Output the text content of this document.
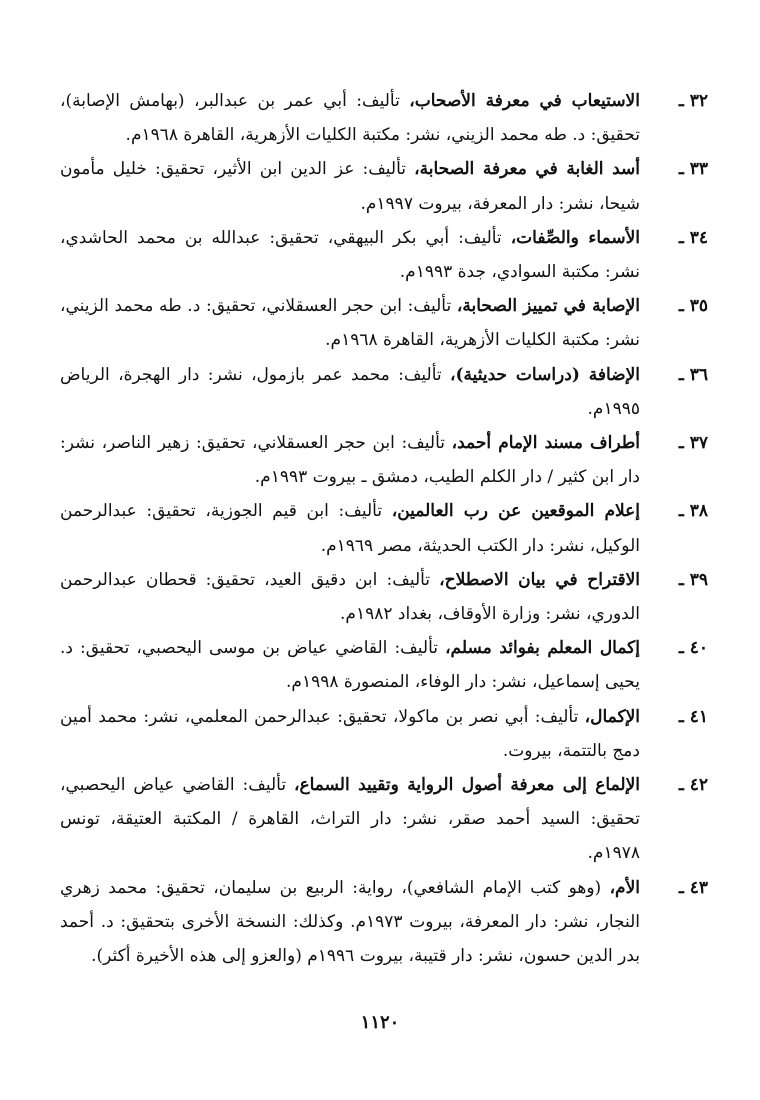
٣٢ ـ
الاستيعاب في معرفة الأصحاب، تأليف: أبي عمر بن عبدالبر، (بهامش الإصابة)، تحقيق: د. طه محمد الزيني، نشر: مكتبة الكليات الأزهرية، القاهرة ١٩٦٨م.
٣٣ ـ
أسد الغابة في معرفة الصحابة، تأليف: عز الدين ابن الأثير، تحقيق: خليل مأمون شيحا، نشر: دار المعرفة، بيروت ١٩٩٧م.
٣٤ ـ
الأسماء والصِّفات، تأليف: أبي بكر البيهقي، تحقيق: عبدالله بن محمد الحاشدي، نشر: مكتبة السوادي، جدة ١٩٩٣م.
٣٥ ـ
الإصابة في تمييز الصحابة، تأليف: ابن حجر العسقلاني، تحقيق: د. طه محمد الزيني، نشر: مكتبة الكليات الأزهرية، القاهرة ١٩٦٨م.
٣٦ ـ
الإضافة (دراسات حديثية)، تأليف: محمد عمر بازمول، نشر: دار الهجرة، الرياض ١٩٩٥م.
٣٧ ـ
أطراف مسند الإمام أحمد، تأليف: ابن حجر العسقلاني، تحقيق: زهير الناصر، نشر: دار ابن كثير / دار الكلم الطيب، دمشق ـ بيروت ١٩٩٣م.
٣٨ ـ
إعلام الموقعين عن رب العالمين، تأليف: ابن قيم الجوزية، تحقيق: عبدالرحمن الوكيل، نشر: دار الكتب الحديثة، مصر ١٩٦٩م.
٣٩ ـ
الاقتراح في بيان الاصطلاح، تأليف: ابن دقيق العيد، تحقيق: قحطان عبدالرحمن الدوري، نشر: وزارة الأوقاف، بغداد ١٩٨٢م.
٤٠ ـ
إكمال المعلم بفوائد مسلم، تأليف: القاضي عياض بن موسى اليحصبي، تحقيق: د. يحيى إسماعيل، نشر: دار الوفاء، المنصورة ١٩٩٨م.
٤١ ـ
الإكمال، تأليف: أبي نصر بن ماكولا، تحقيق: عبدالرحمن المعلمي، نشر: محمد أمين دمج بالتتمة، بيروت.
٤٢ ـ
الإلماع إلى معرفة أصول الرواية وتقييد السماع، تأليف: القاضي عياض اليحصبي، تحقيق: السيد أحمد صقر، نشر: دار التراث، القاهرة / المكتبة العتيقة، تونس ١٩٧٨م.
٤٣ ـ
الأم، (وهو كتب الإمام الشافعي)، رواية: الربيع بن سليمان، تحقيق: محمد زهري النجار، نشر: دار المعرفة، بيروت ١٩٧٣م. وكذلك: النسخة الأخرى بتحقيق: د. أحمد بدر الدين حسون، نشر: دار قتيبة، بيروت ١٩٩٦م (والعزو إلى هذه الأخيرة أكثر).
١١٢٠
